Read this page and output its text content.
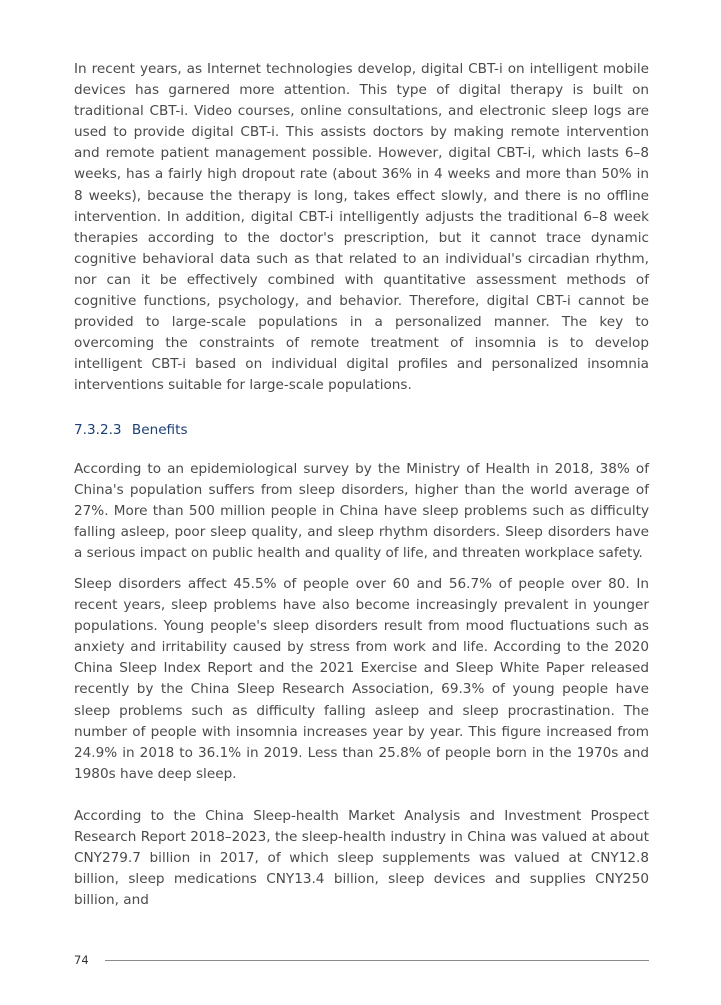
In recent years, as Internet technologies develop, digital CBT-i on intelligent mobile devices has garnered more attention. This type of digital therapy is built on traditional CBT-i. Video courses, online consultations, and electronic sleep logs are used to provide digital CBT-i. This assists doctors by making remote intervention and remote patient management possible. However, digital CBT-i, which lasts 6–8 weeks, has a fairly high dropout rate (about 36% in 4 weeks and more than 50% in 8 weeks), because the therapy is long, takes effect slowly, and there is no offline intervention. In addition, digital CBT-i intelligently adjusts the traditional 6–8 week therapies according to the doctor's prescription, but it cannot trace dynamic cognitive behavioral data such as that related to an individual's circadian rhythm, nor can it be effectively combined with quantitative assessment methods of cognitive functions, psychology, and behavior. Therefore, digital CBT-i cannot be provided to large-scale populations in a personalized manner. The key to overcoming the constraints of remote treatment of insomnia is to develop intelligent CBT-i based on individual digital profiles and personalized insomnia interventions suitable for large-scale populations.

7.3.2.3 Benefits

According to an epidemiological survey by the Ministry of Health in 2018, 38% of China's population suffers from sleep disorders, higher than the world average of 27%. More than 500 million people in China have sleep problems such as difficulty falling asleep, poor sleep quality, and sleep rhythm disorders. Sleep disorders have a serious impact on public health and quality of life, and threaten workplace safety.

Sleep disorders affect 45.5% of people over 60 and 56.7% of people over 80. In recent years, sleep problems have also become increasingly prevalent in younger populations. Young people's sleep disorders result from mood fluctuations such as anxiety and irritability caused by stress from work and life. According to the 2020 China Sleep Index Report and the 2021 Exercise and Sleep White Paper released recently by the China Sleep Research Association, 69.3% of young people have sleep problems such as difficulty falling asleep and sleep procrastination. The number of people with insomnia increases year by year. This figure increased from 24.9% in 2018 to 36.1% in 2019. Less than 25.8% of people born in the 1970s and 1980s have deep sleep.

According to the China Sleep-health Market Analysis and Investment Prospect Research Report 2018–2023, the sleep-health industry in China was valued at about CNY279.7 billion in 2017, of which sleep supplements was valued at CNY12.8 billion, sleep medications CNY13.4 billion, sleep devices and supplies CNY250 billion, and

74
